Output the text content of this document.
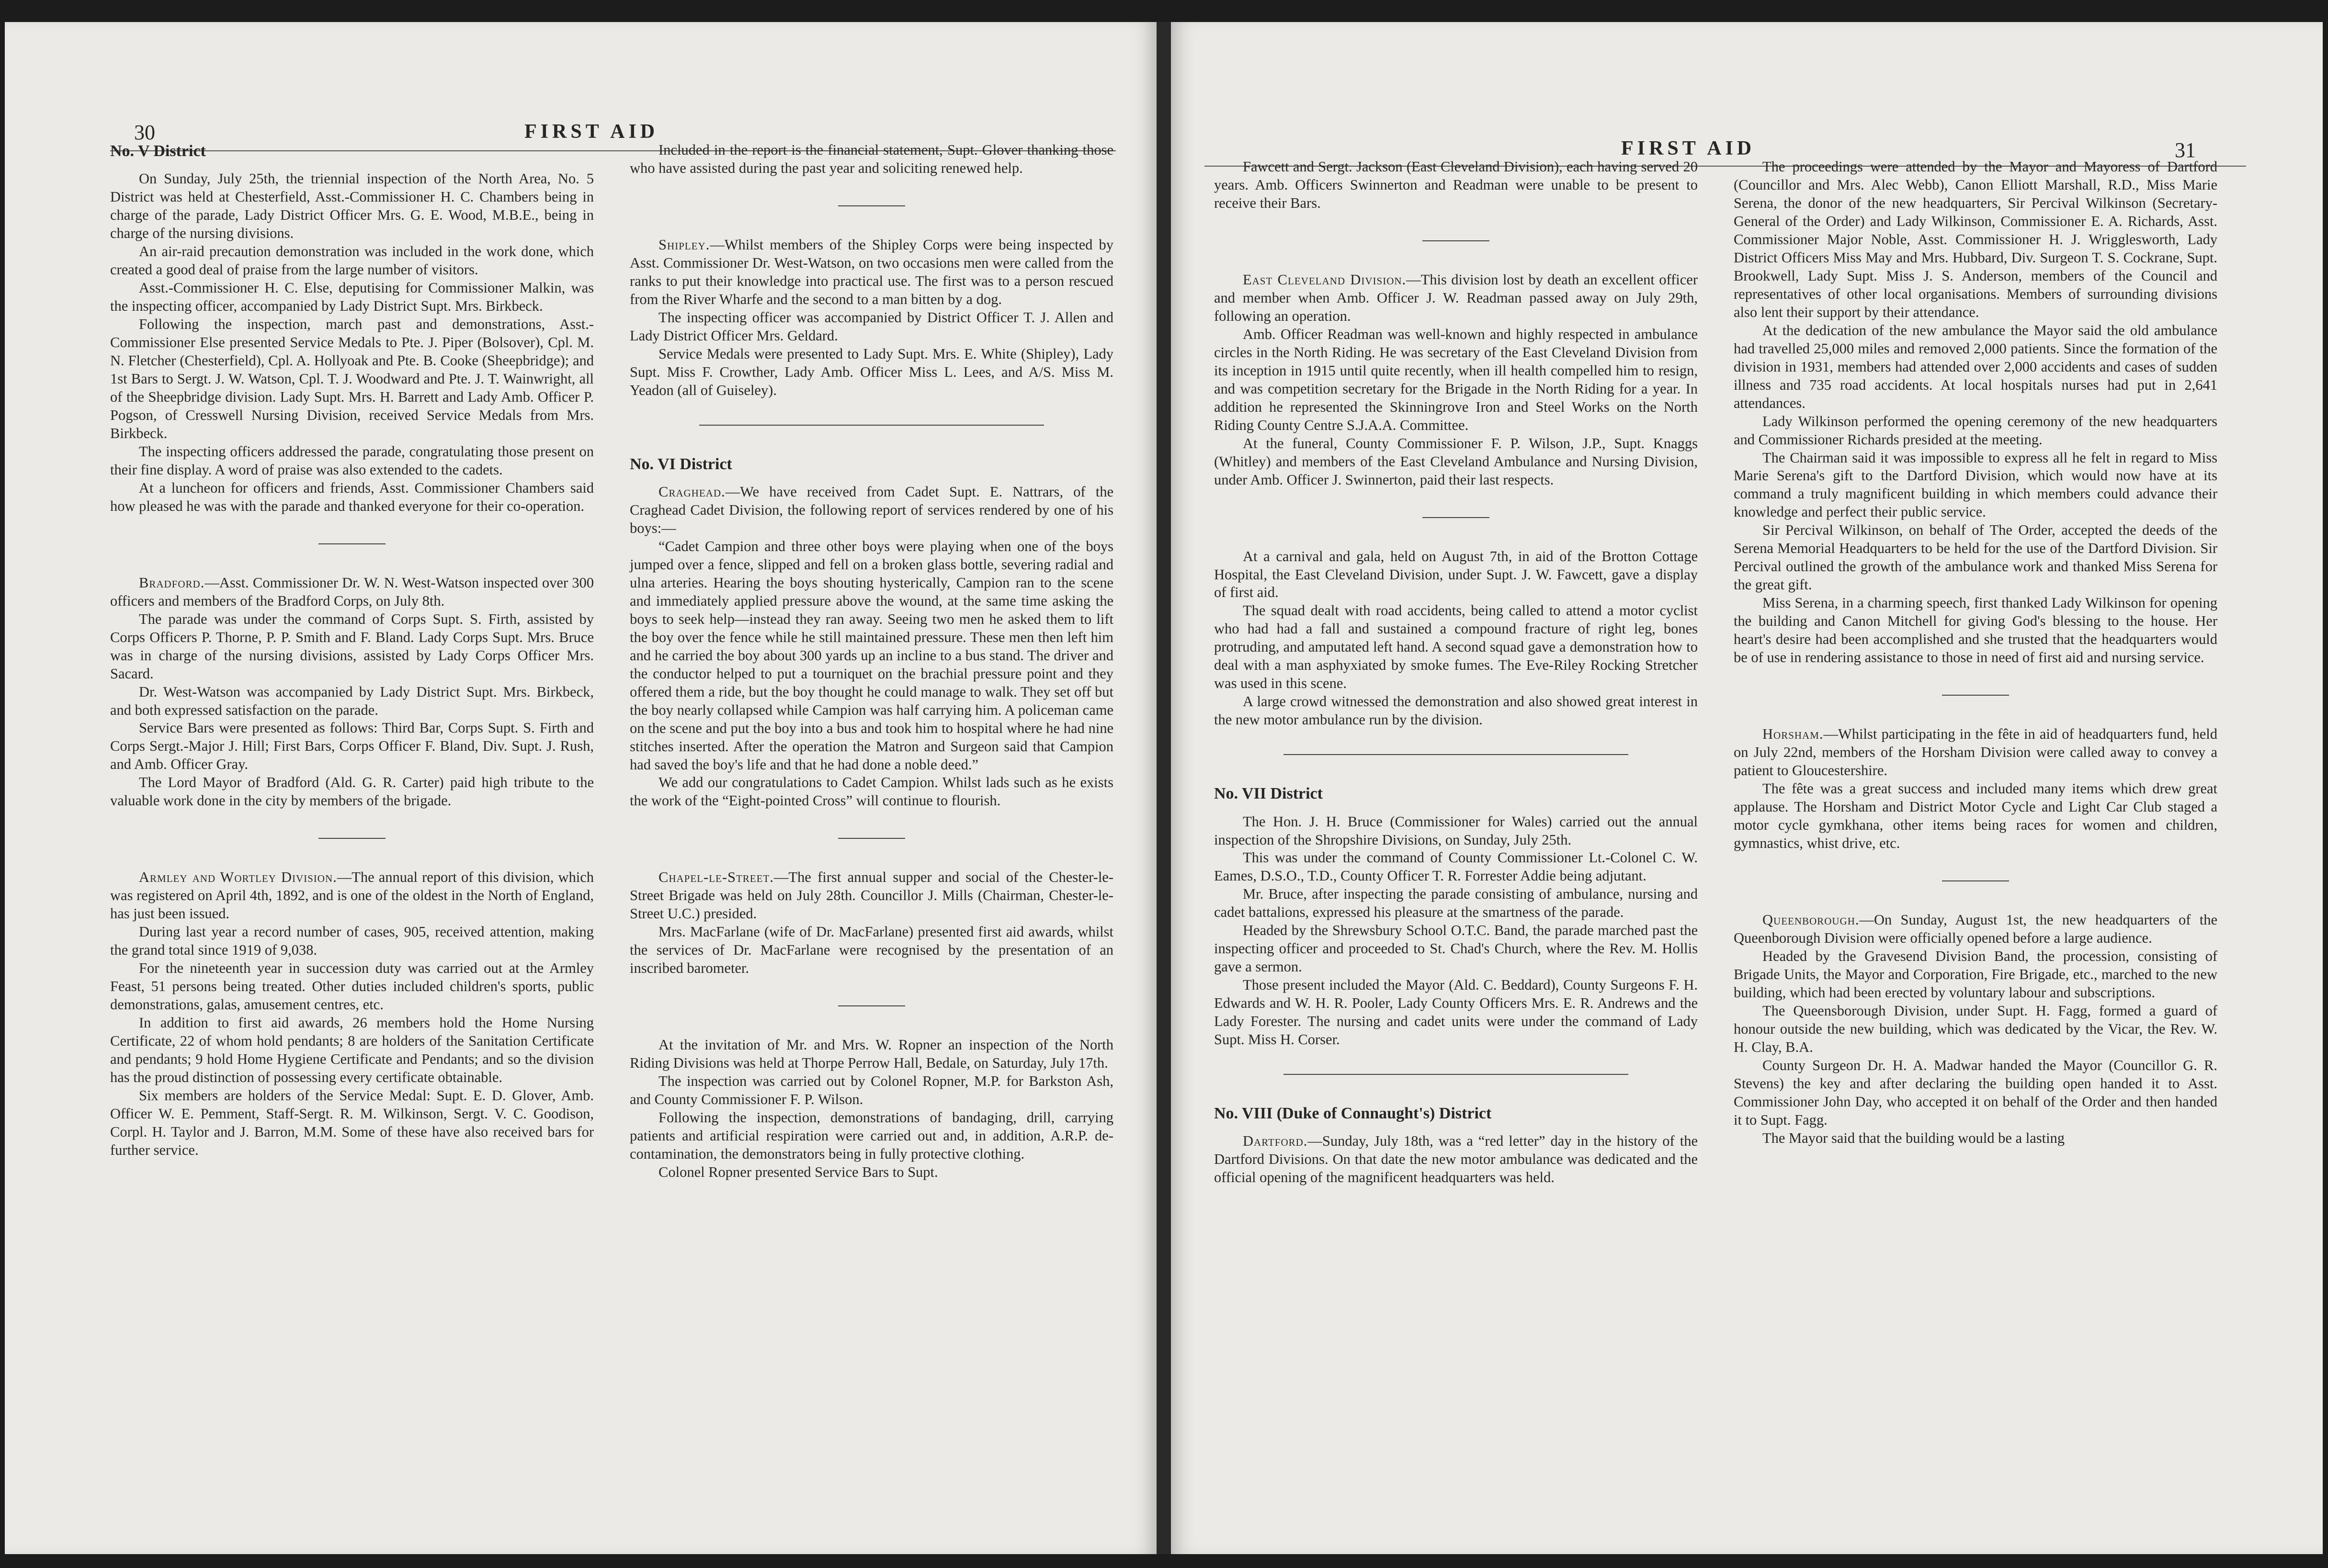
30	FIRST AID
FIRST AID	31
No. V District

On Sunday, July 25th, the triennial inspection of the North Area, No. 5 District was held at Chesterfield, Asst.-Commissioner H. C. Chambers being in charge of the parade, Lady District Officer Mrs. G. E. Wood, M.B.E., being in charge of the nursing divisions.

An air-raid precaution demonstration was included in the work done, which created a good deal of praise from the large number of visitors.

Asst.-Commissioner H. C. Else, deputising for Commissioner Malkin, was the inspecting officer, accompanied by Lady District Supt. Mrs. Birkbeck.

Following the inspection, march past and demonstrations, Asst.-Commissioner Else presented Service Medals to Pte. J. Piper (Bolsover), Cpl. M. N. Fletcher (Chesterfield), Cpl. A. Hollyoak and Pte. B. Cooke (Sheepbridge); and 1st Bars to Sergt. J. W. Watson, Cpl. T. J. Woodward and Pte. J. T. Wainwright, all of the Sheepbridge division. Lady Supt. Mrs. H. Barrett and Lady Amb. Officer P. Pogson, of Cresswell Nursing Division, received Service Medals from Mrs. Birkbeck.

The inspecting officers addressed the parade, congratulating those present on their fine display. A word of praise was also extended to the cadets.

At a luncheon for officers and friends, Asst. Commissioner Chambers said how pleased he was with the parade and thanked everyone for their co-operation.

Bradford.—Asst. Commissioner Dr. W. N. West-Watson inspected over 300 officers and members of the Bradford Corps, on July 8th.

The parade was under the command of Corps Supt. S. Firth, assisted by Corps Officers P. Thorne, P. P. Smith and F. Bland. Lady Corps Supt. Mrs. Bruce was in charge of the nursing divisions, assisted by Lady Corps Officer Mrs. Sacard.

Dr. West-Watson was accompanied by Lady District Supt. Mrs. Birkbeck, and both expressed satisfaction on the parade.

Service Bars were presented as follows: Third Bar, Corps Supt. S. Firth and Corps Sergt.-Major J. Hill; First Bars, Corps Officer F. Bland, Div. Supt. J. Rush, and Amb. Officer Gray.

The Lord Mayor of Bradford (Ald. G. R. Carter) paid high tribute to the valuable work done in the city by members of the brigade.

Armley and Wortley Division.—The annual report of this division, which was registered on April 4th, 1892, and is one of the oldest in the North of England, has just been issued.

During last year a record number of cases, 905, received attention, making the grand total since 1919 of 9,038.

For the nineteenth year in succession duty was carried out at the Armley Feast, 51 persons being treated. Other duties included children's sports, public demonstrations, galas, amusement centres, etc.

In addition to first aid awards, 26 members hold the Home Nursing Certificate, 22 of whom hold pendants; 8 are holders of the Sanitation Certificate and pendants; 9 hold Home Hygiene Certificate and Pendants; and so the division has the proud distinction of possessing every certificate obtainable.

Six members are holders of the Service Medal: Supt. E. D. Glover, Amb. Officer W. E. Pemment, Staff-Sergt. R. M. Wilkinson, Sergt. V. C. Goodison, Corpl. H. Taylor and J. Barron, M.M. Some of these have also received bars for further service.

Included in the report is the financial statement, Supt. Glover thanking those who have assisted during the past year and soliciting renewed help.

Shipley.—Whilst members of the Shipley Corps were being inspected by Asst. Commissioner Dr. West-Watson, on two occasions men were called from the ranks to put their knowledge into practical use. The first was to a person rescued from the River Wharfe and the second to a man bitten by a dog.

The inspecting officer was accompanied by District Officer T. J. Allen and Lady District Officer Mrs. Geldard.

Service Medals were presented to Lady Supt. Mrs. E. White (Shipley), Lady Supt. Miss F. Crowther, Lady Amb. Officer Miss L. Lees, and A/S. Miss M. Yeadon (all of Guiseley).

No. VI District

Craghead.—We have received from Cadet Supt. E. Nattrars, of the Craghead Cadet Division, the following report of services rendered by one of his boys:—

“Cadet Campion and three other boys were playing when one of the boys jumped over a fence, slipped and fell on a broken glass bottle, severing radial and ulna arteries. Hearing the boys shouting hysterically, Campion ran to the scene and immediately applied pressure above the wound, at the same time asking the boys to seek help—instead they ran away. Seeing two men he asked them to lift the boy over the fence while he still maintained pressure. These men then left him and he carried the boy about 300 yards up an incline to a bus stand. The driver and the conductor helped to put a tourniquet on the brachial pressure point and they offered them a ride, but the boy thought he could manage to walk. They set off but the boy nearly collapsed while Campion was half carrying him. A policeman came on the scene and put the boy into a bus and took him to hospital where he had nine stitches inserted. After the operation the Matron and Surgeon said that Campion had saved the boy's life and that he had done a noble deed.”

We add our congratulations to Cadet Campion. Whilst lads such as he exists the work of the “Eight-pointed Cross” will continue to flourish.

Chapel-le-Street.—The first annual supper and social of the Chester-le-Street Brigade was held on July 28th. Councillor J. Mills (Chairman, Chester-le-Street U.C.) presided.

Mrs. MacFarlane (wife of Dr. MacFarlane) presented first aid awards, whilst the services of Dr. MacFarlane were recognised by the presentation of an inscribed barometer.

At the invitation of Mr. and Mrs. W. Ropner an inspection of the North Riding Divisions was held at Thorpe Perrow Hall, Bedale, on Saturday, July 17th.

The inspection was carried out by Colonel Ropner, M.P. for Barkston Ash, and County Commissioner F. P. Wilson.

Following the inspection, demonstrations of bandaging, drill, carrying patients and artificial respiration were carried out and, in addition, A.R.P. de-contamination, the demonstrators being in fully protective clothing.

Colonel Ropner presented Service Bars to Supt.

Fawcett and Sergt. Jackson (East Cleveland Division), each having served 20 years. Amb. Officers Swinnerton and Readman were unable to be present to receive their Bars.

East Cleveland Division.—This division lost by death an excellent officer and member when Amb. Officer J. W. Readman passed away on July 29th, following an operation.

Amb. Officer Readman was well-known and highly respected in ambulance circles in the North Riding. He was secretary of the East Cleveland Division from its inception in 1915 until quite recently, when ill health compelled him to resign, and was competition secretary for the Brigade in the North Riding for a year. In addition he represented the Skinningrove Iron and Steel Works on the North Riding County Centre S.J.A.A. Committee.

At the funeral, County Commissioner F. P. Wilson, J.P., Supt. Knaggs (Whitley) and members of the East Cleveland Ambulance and Nursing Division, under Amb. Officer J. Swinnerton, paid their last respects.

At a carnival and gala, held on August 7th, in aid of the Brotton Cottage Hospital, the East Cleveland Division, under Supt. J. W. Fawcett, gave a display of first aid.

The squad dealt with road accidents, being called to attend a motor cyclist who had had a fall and sustained a compound fracture of right leg, bones protruding, and amputated left hand. A second squad gave a demonstration how to deal with a man asphyxiated by smoke fumes. The Eve-Riley Rocking Stretcher was used in this scene.

A large crowd witnessed the demonstration and also showed great interest in the new motor ambulance run by the division.

No. VII District

The Hon. J. H. Bruce (Commissioner for Wales) carried out the annual inspection of the Shropshire Divisions, on Sunday, July 25th.

This was under the command of County Commissioner Lt.-Colonel C. W. Eames, D.S.O., T.D., County Officer T. R. Forrester Addie being adjutant.

Mr. Bruce, after inspecting the parade consisting of ambulance, nursing and cadet battalions, expressed his pleasure at the smartness of the parade.

Headed by the Shrewsbury School O.T.C. Band, the parade marched past the inspecting officer and proceeded to St. Chad's Church, where the Rev. M. Hollis gave a sermon.

Those present included the Mayor (Ald. C. Beddard), County Surgeons F. H. Edwards and W. H. R. Pooler, Lady County Officers Mrs. E. R. Andrews and the Lady Forester. The nursing and cadet units were under the command of Lady Supt. Miss H. Corser.

No. VIII (Duke of Connaught's) District

Dartford.—Sunday, July 18th, was a “red letter” day in the history of the Dartford Divisions. On that date the new motor ambulance was dedicated and the official opening of the magnificent headquarters was held.

The proceedings were attended by the Mayor and Mayoress of Dartford (Councillor and Mrs. Alec Webb), Canon Elliott Marshall, R.D., Miss Marie Serena, the donor of the new headquarters, Sir Percival Wilkinson (Secretary-General of the Order) and Lady Wilkinson, Commissioner E. A. Richards, Asst. Commissioner Major Noble, Asst. Commissioner H. J. Wrigglesworth, Lady District Officers Miss May and Mrs. Hubbard, Div. Surgeon T. S. Cockrane, Supt. Brookwell, Lady Supt. Miss J. S. Anderson, members of the Council and representatives of other local organisations. Members of surrounding divisions also lent their support by their attendance.

At the dedication of the new ambulance the Mayor said the old ambulance had travelled 25,000 miles and removed 2,000 patients. Since the formation of the division in 1931, members had attended over 2,000 accidents and cases of sudden illness and 735 road accidents. At local hospitals nurses had put in 2,641 attendances.

Lady Wilkinson performed the opening ceremony of the new headquarters and Commissioner Richards presided at the meeting.

The Chairman said it was impossible to express all he felt in regard to Miss Marie Serena's gift to the Dartford Division, which would now have at its command a truly magnificent building in which members could advance their knowledge and perfect their public service.

Sir Percival Wilkinson, on behalf of The Order, accepted the deeds of the Serena Memorial Headquarters to be held for the use of the Dartford Division. Sir Percival outlined the growth of the ambulance work and thanked Miss Serena for the great gift.

Miss Serena, in a charming speech, first thanked Lady Wilkinson for opening the building and Canon Mitchell for giving God's blessing to the house. Her heart's desire had been accomplished and she trusted that the headquarters would be of use in rendering assistance to those in need of first aid and nursing service.

Horsham.—Whilst participating in the fête in aid of headquarters fund, held on July 22nd, members of the Horsham Division were called away to convey a patient to Gloucestershire.

The fête was a great success and included many items which drew great applause. The Horsham and District Motor Cycle and Light Car Club staged a motor cycle gymkhana, other items being races for women and children, gymnastics, whist drive, etc.

Queenborough.—On Sunday, August 1st, the new headquarters of the Queenborough Division were officially opened before a large audience.

Headed by the Gravesend Division Band, the procession, consisting of Brigade Units, the Mayor and Corporation, Fire Brigade, etc., marched to the new building, which had been erected by voluntary labour and subscriptions.

The Queensborough Division, under Supt. H. Fagg, formed a guard of honour outside the new building, which was dedicated by the Vicar, the Rev. W. H. Clay, B.A.

County Surgeon Dr. H. A. Madwar handed the Mayor (Councillor G. R. Stevens) the key and after declaring the building open handed it to Asst. Commissioner John Day, who accepted it on behalf of the Order and then handed it to Supt. Fagg.

The Mayor said that the building would be a lasting
